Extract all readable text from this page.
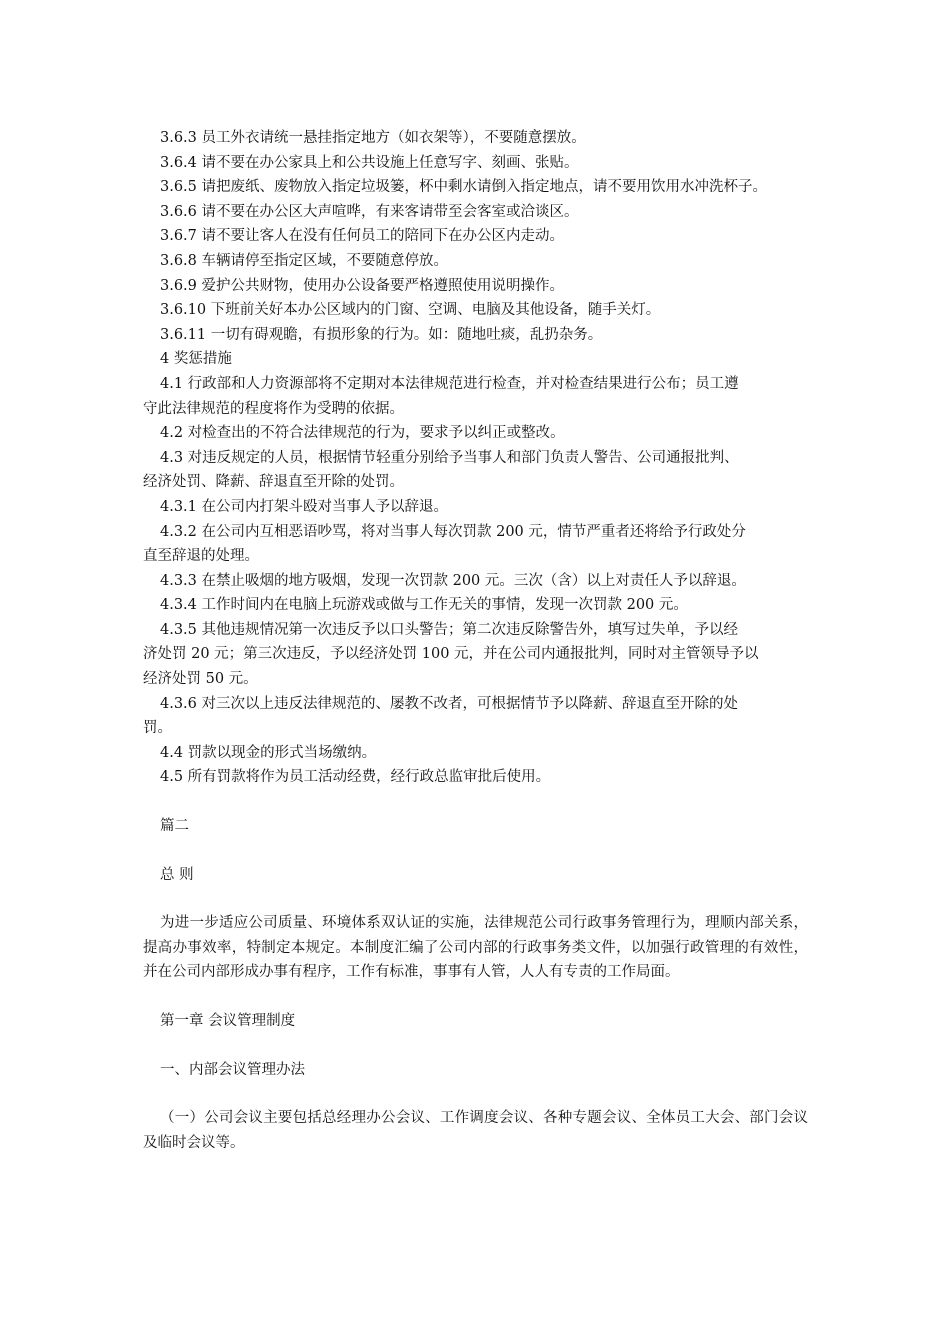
3.6.3 员工外衣请统一悬挂指定地方（如衣架等），不要随意摆放。
3.6.4 请不要在办公家具上和公共设施上任意写字、刻画、张贴。
3.6.5 请把废纸、废物放入指定垃圾篓，杯中剩水请倒入指定地点，请不要用饮用水冲洗杯子。
3.6.6 请不要在办公区大声喧哗，有来客请带至会客室或洽谈区。
3.6.7 请不要让客人在没有任何员工的陪同下在办公区内走动。
3.6.8 车辆请停至指定区域，不要随意停放。
3.6.9 爱护公共财物，使用办公设备要严格遵照使用说明操作。
3.6.10 下班前关好本办公区域内的门窗、空调、电脑及其他设备，随手关灯。
3.6.11 一切有碍观瞻，有损形象的行为。如：随地吐痰，乱扔杂务。
4 奖惩措施
4.1 行政部和人力资源部将不定期对本法律规范进行检查，并对检查结果进行公布；员工遵
守此法律规范的程度将作为受聘的依据。
4.2 对检查出的不符合法律规范的行为，要求予以纠正或整改。
4.3 对违反规定的人员，根据情节轻重分别给予当事人和部门负责人警告、公司通报批判、
经济处罚、降薪、辞退直至开除的处罚。
4.3.1 在公司内打架斗殴对当事人予以辞退。
4.3.2 在公司内互相恶语吵骂，将对当事人每次罚款 200 元，情节严重者还将给予行政处分
直至辞退的处理。
4.3.3 在禁止吸烟的地方吸烟，发现一次罚款 200 元。三次（含）以上对责任人予以辞退。
4.3.4 工作时间内在电脑上玩游戏或做与工作无关的事情，发现一次罚款 200 元。
4.3.5 其他违规情况第一次违反予以口头警告；第二次违反除警告外，填写过失单，予以经
济处罚 20 元；第三次违反，予以经济处罚 100 元，并在公司内通报批判，同时对主管领导予以
经济处罚 50 元。
4.3.6 对三次以上违反法律规范的、屡教不改者，可根据情节予以降薪、辞退直至开除的处
罚。
4.4 罚款以现金的形式当场缴纳。
4.5 所有罚款将作为员工活动经费，经行政总监审批后使用。
篇二
总 则
为进一步适应公司质量、环境体系双认证的实施，法律规范公司行政事务管理行为，理顺内部关系，提高办事效率，特制定本规定。本制度汇编了公司内部的行政事务类文件，以加强行政管理的有效性，并在公司内部形成办事有程序，工作有标准，事事有人管，人人有专责的工作局面。
第一章 会议管理制度
一、内部会议管理办法
（一）公司会议主要包括总经理办公会议、工作调度会议、各种专题会议、全体员工大会、部门会议及临时会议等。
